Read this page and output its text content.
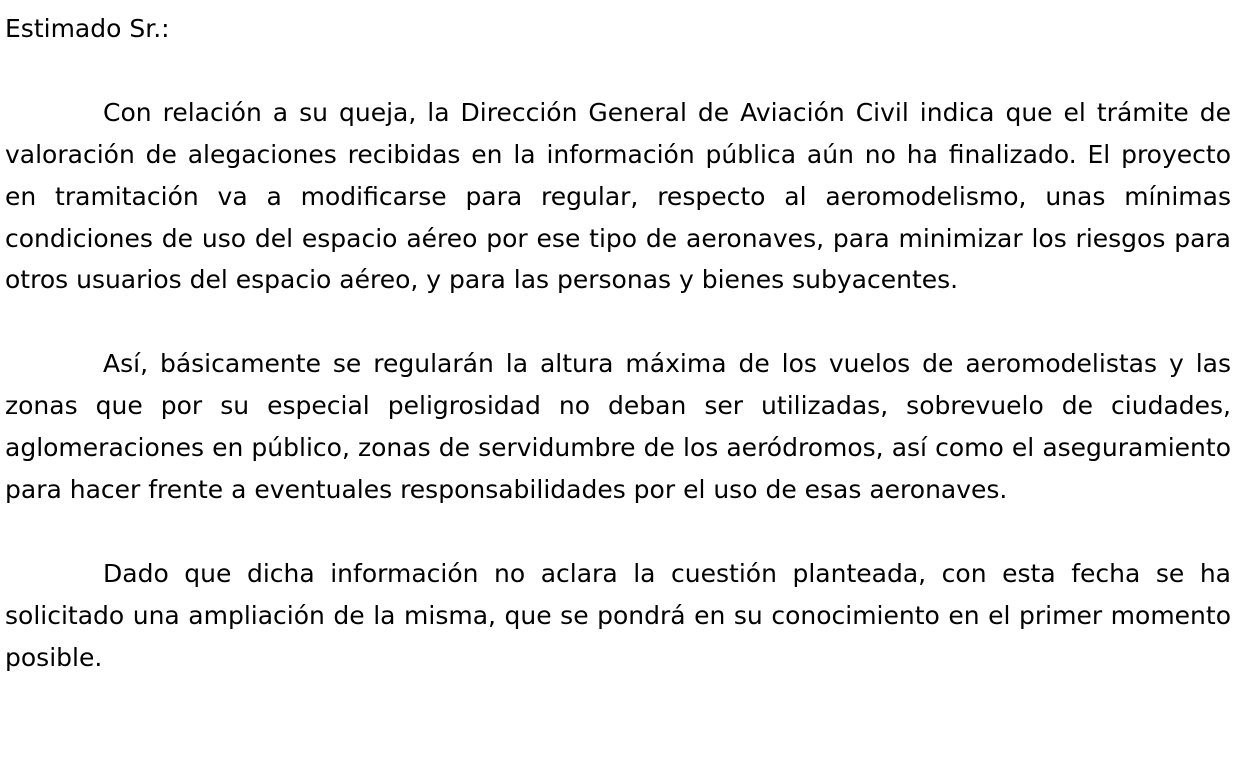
Estimado Sr.:

Con relación a su queja, la Dirección General de Aviación Civil indica que el trámite de valoración de alegaciones recibidas en la información pública aún no ha finalizado. El proyecto en tramitación va a modificarse para regular, respecto al aeromodelismo, unas mínimas condiciones de uso del espacio aéreo por ese tipo de aeronaves, para minimizar los riesgos para otros usuarios del espacio aéreo, y para las personas y bienes subyacentes.

Así, básicamente se regularán la altura máxima de los vuelos de aeromodelistas y las zonas que por su especial peligrosidad no deban ser utilizadas, sobrevuelo de ciudades, aglomeraciones en público, zonas de servidumbre de los aeródromos, así como el aseguramiento para hacer frente a eventuales responsabilidades por el uso de esas aeronaves.

Dado que dicha información no aclara la cuestión planteada, con esta fecha se ha solicitado una ampliación de la misma, que se pondrá en su conocimiento en el primer momento posible.
